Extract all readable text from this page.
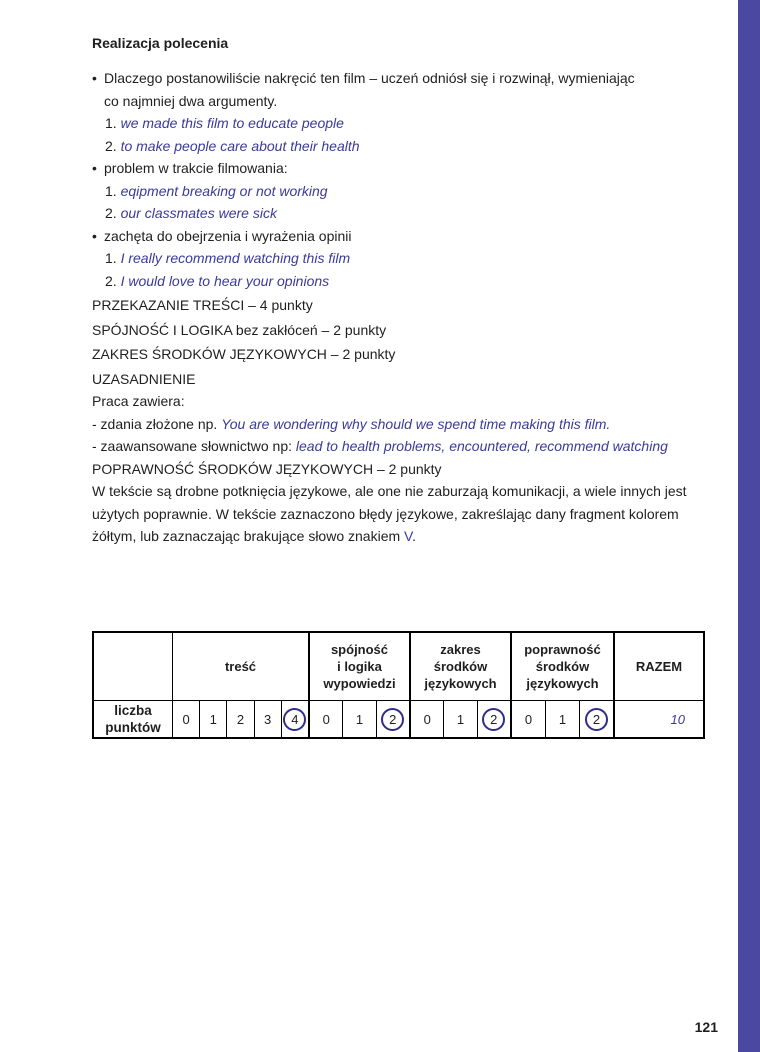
Realizacja polecenia
• Dlaczego postanowiliście nakręcić ten film – uczeń odniósł się i rozwinął, wymieniając
co najmniej dwa argumenty.
1. we made this film to educate people
2. to make people care about their health
• problem w trakcie filmowania:
1. eqipment breaking or not working
2. our classmates were sick
• zachęta do obejrzenia i wyrażenia opinii
1. I really recommend watching this film
2. I would love to hear your opinions
PRZEKAZANIE TREŚCI – 4 punkty
SPÓJNOŚĆ I LOGIKA bez zakłóceń – 2 punkty
ZAKRES ŚRODKÓW JĘZYKOWYCH – 2 punkty
UZASADNIENIE
Praca zawiera:
- zdania złożone np. You are wondering why should we spend time making this film.
- zaawansowane słownictwo np: lead to health problems, encountered, recommend watching
POPRAWNOŚĆ ŚRODKÓW JĘZYKOWYCH – 2 punkty
W tekście są drobne potknięcia językowe, ale one nie zaburzają komunikacji, a wiele innych jest użytych poprawnie. W tekście zaznaczono błędy językowe, zakreślając dany fragment kolorem żółtym, lub zaznaczając brakujące słowo znakiem V.
	treść					spójność
i logika
wypowiedzi			zakres
środków
językowych			poprawność
środków
językowych			RAZEM
liczba
punktów	0	1	2	3	4	0	1	2	0	1	2	0	1	2	10
121
